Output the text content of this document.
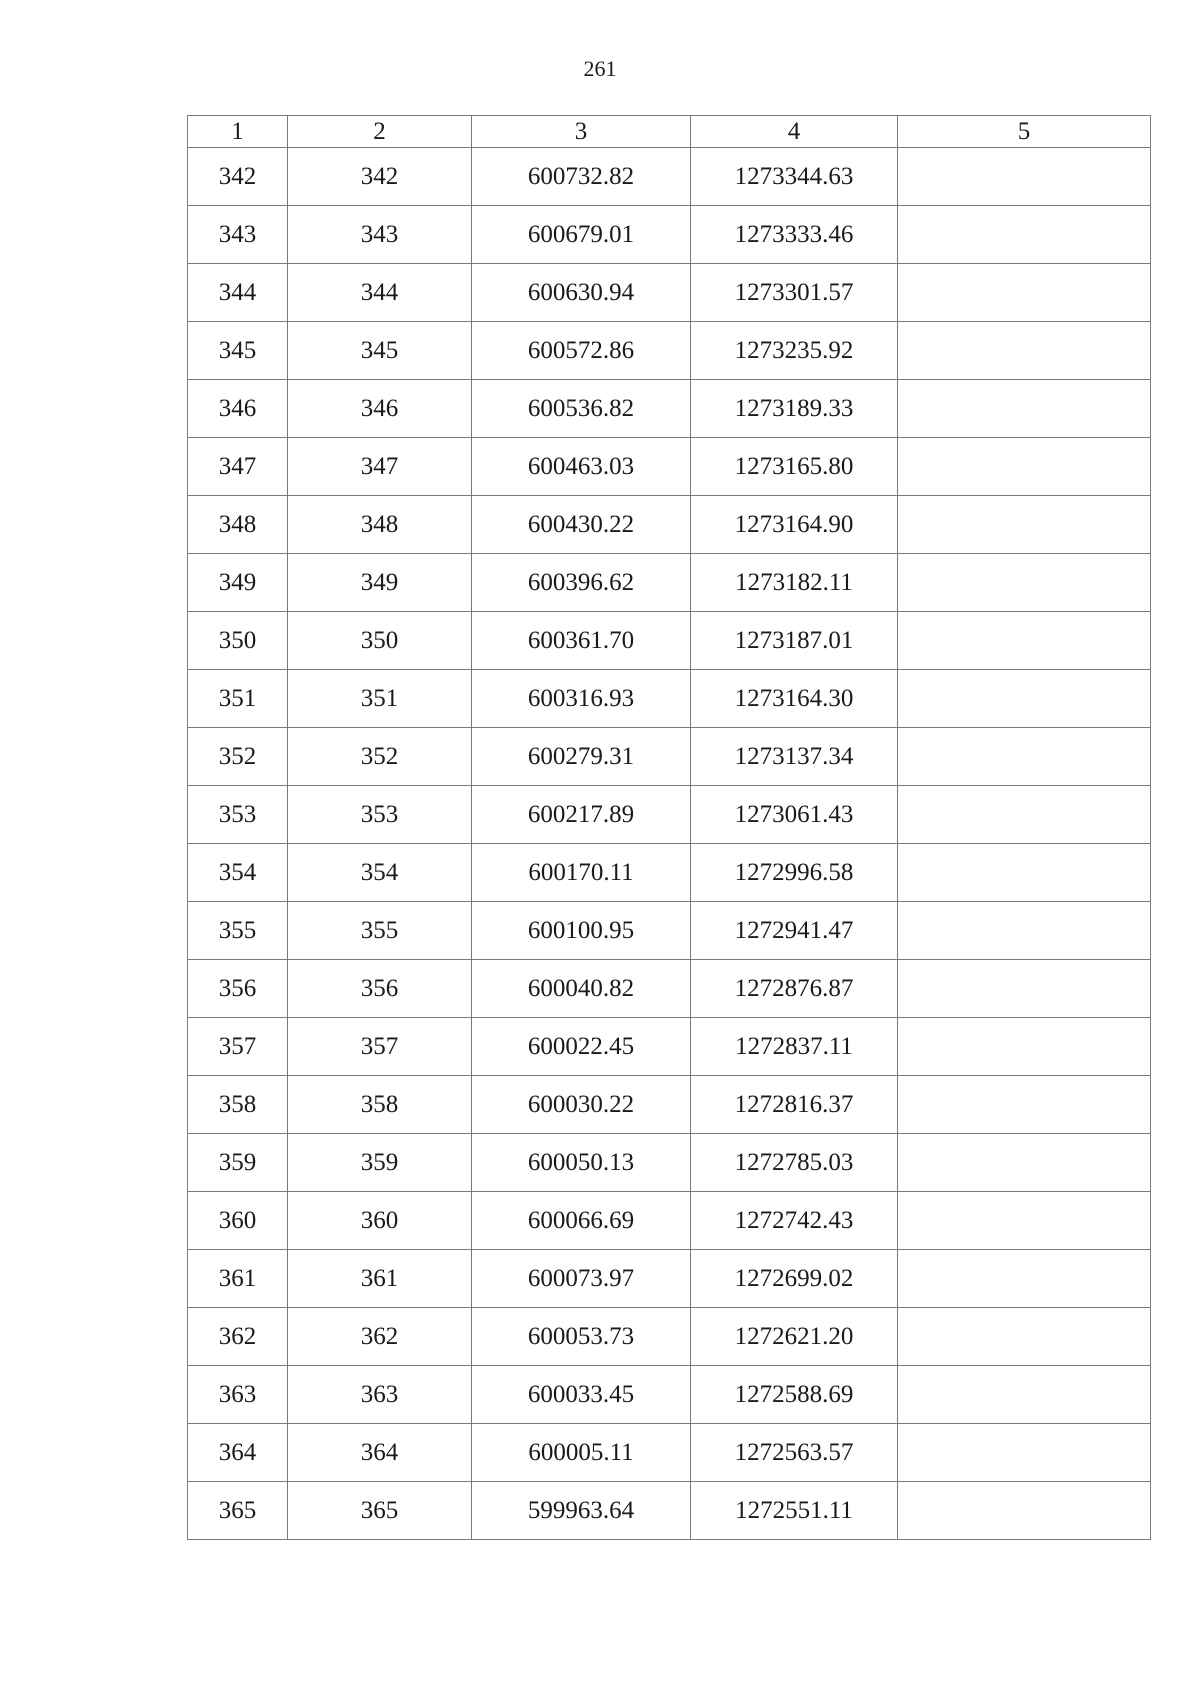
261
1	2	3	4	5
342	342	600732.82	1273344.63	
343	343	600679.01	1273333.46	
344	344	600630.94	1273301.57	
345	345	600572.86	1273235.92	
346	346	600536.82	1273189.33	
347	347	600463.03	1273165.80	
348	348	600430.22	1273164.90	
349	349	600396.62	1273182.11	
350	350	600361.70	1273187.01	
351	351	600316.93	1273164.30	
352	352	600279.31	1273137.34	
353	353	600217.89	1273061.43	
354	354	600170.11	1272996.58	
355	355	600100.95	1272941.47	
356	356	600040.82	1272876.87	
357	357	600022.45	1272837.11	
358	358	600030.22	1272816.37	
359	359	600050.13	1272785.03	
360	360	600066.69	1272742.43	
361	361	600073.97	1272699.02	
362	362	600053.73	1272621.20	
363	363	600033.45	1272588.69	
364	364	600005.11	1272563.57	
365	365	599963.64	1272551.11	
